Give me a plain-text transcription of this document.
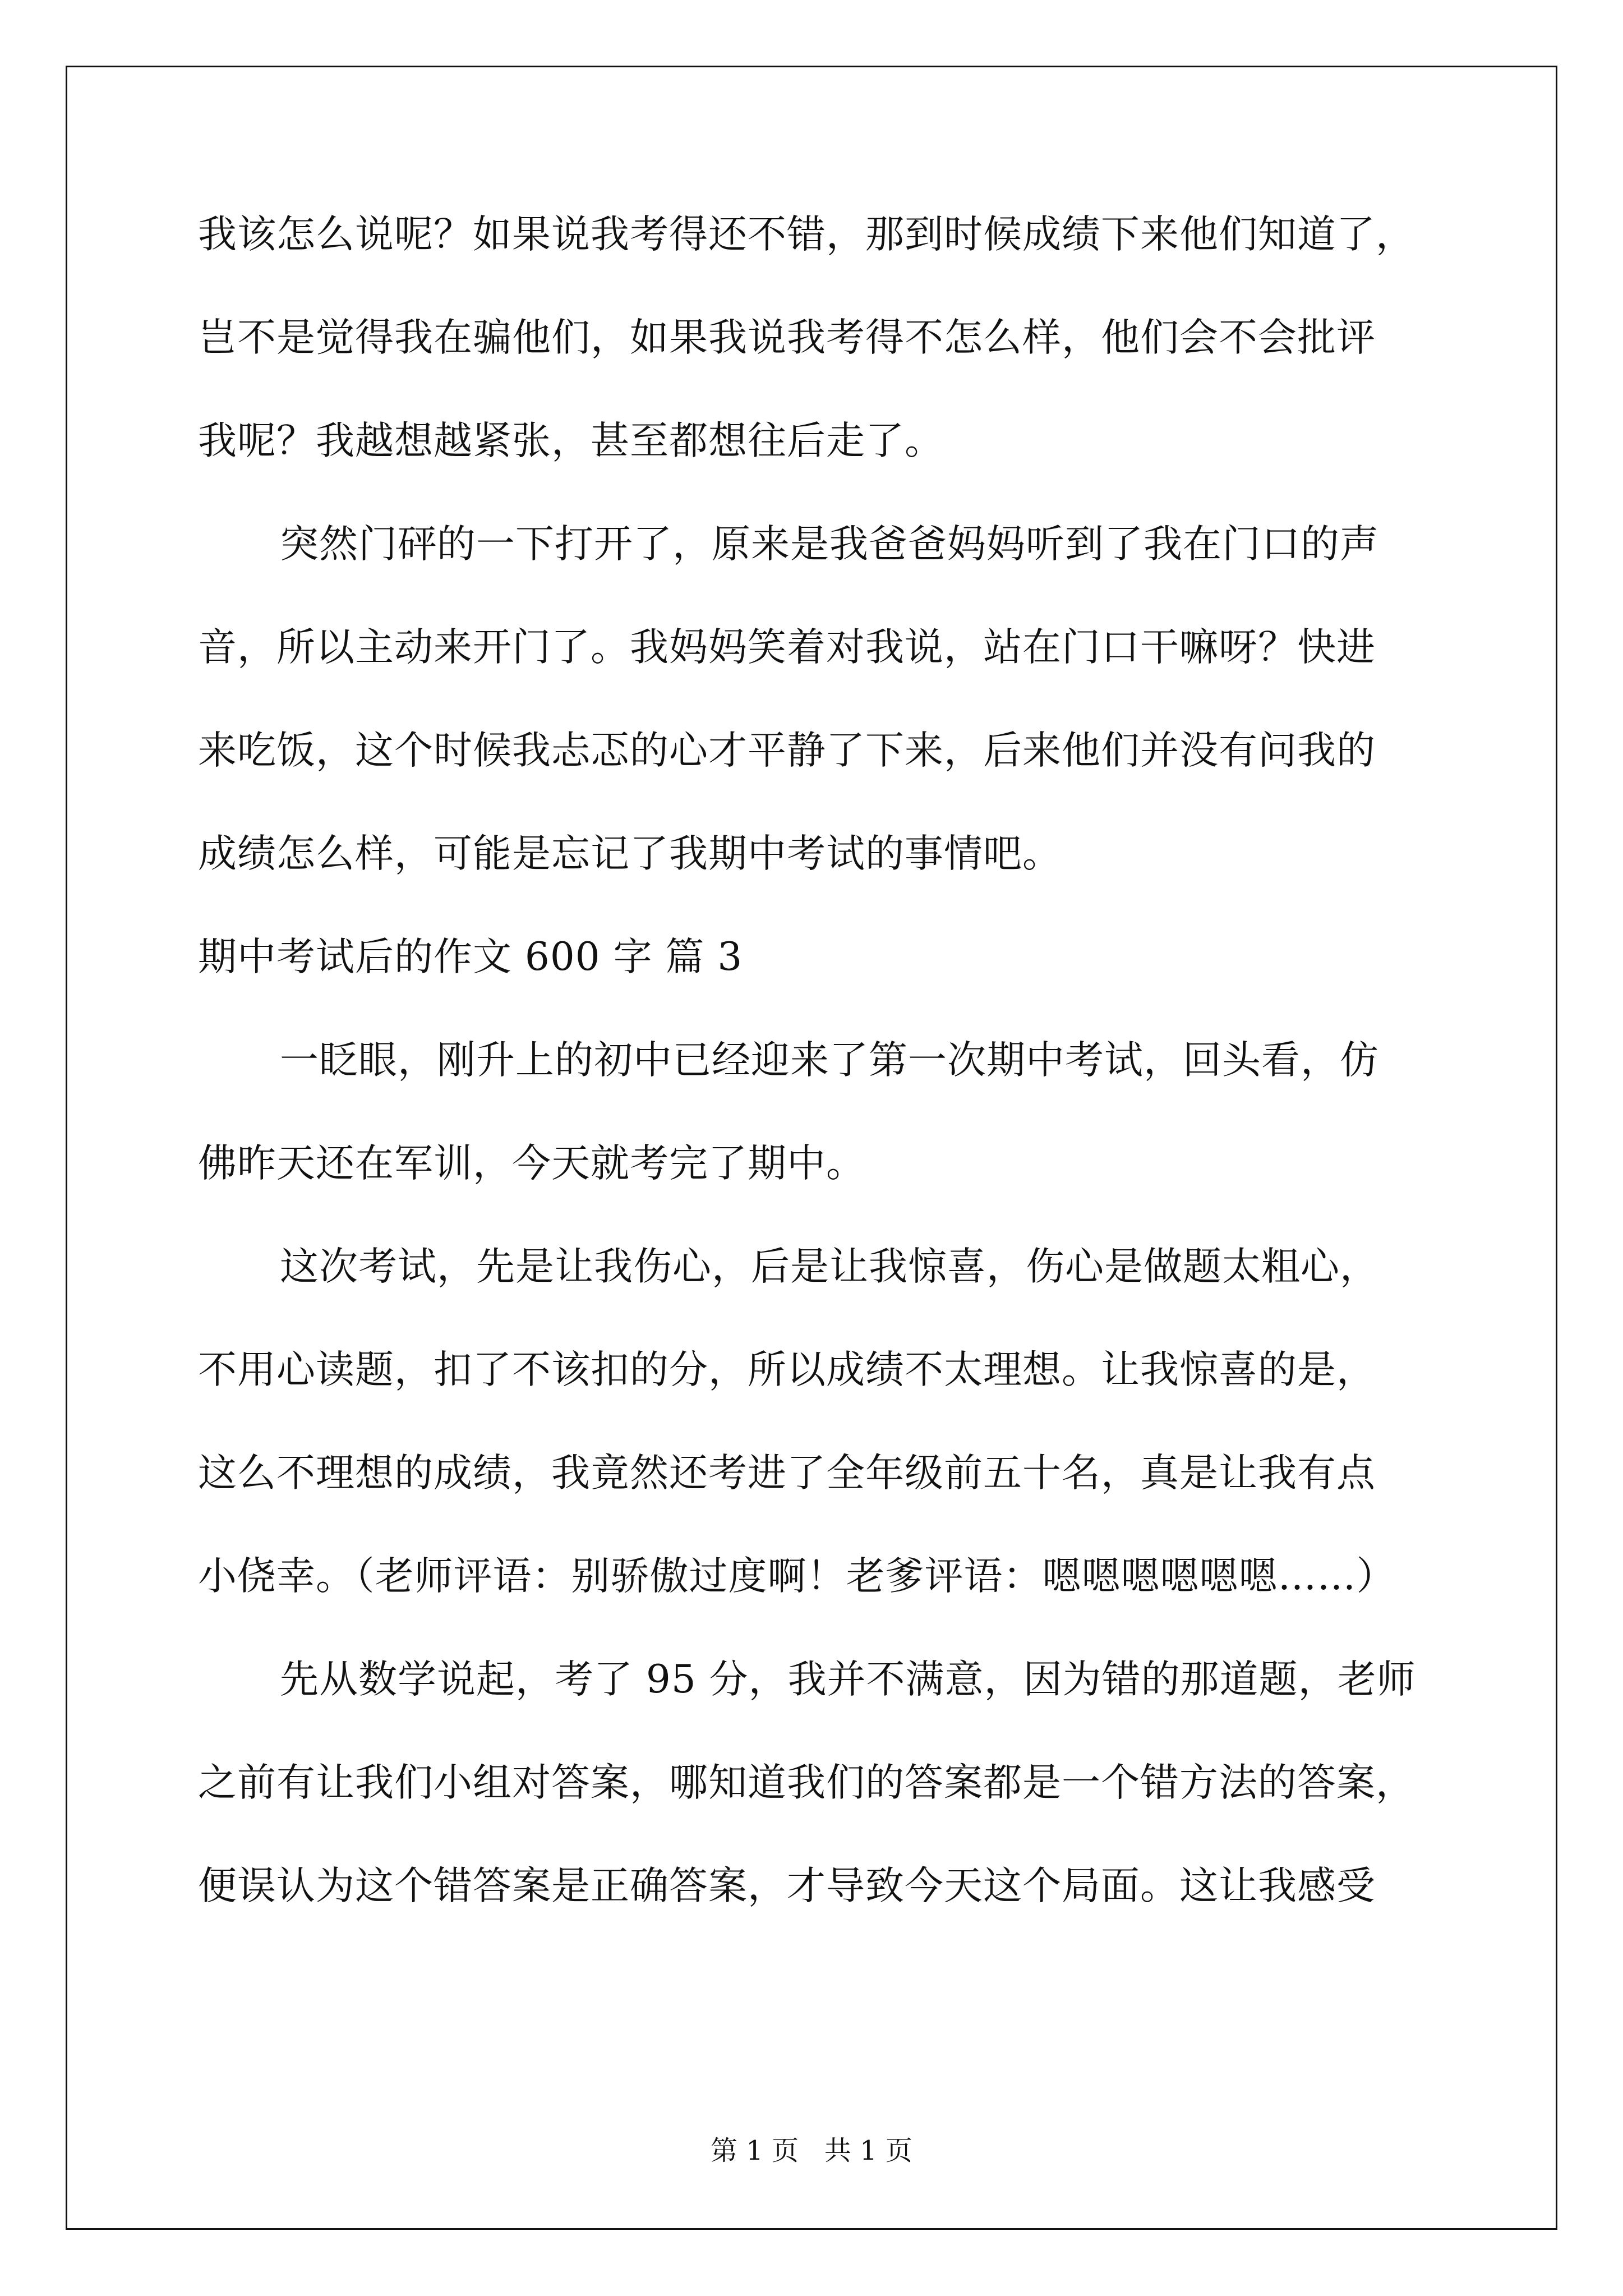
我该怎么说呢？如果说我考得还不错，那到时候成绩下来他们知道了，
岂不是觉得我在骗他们，如果我说我考得不怎么样，他们会不会批评
我呢？我越想越紧张，甚至都想往后走了。
突然门砰的一下打开了，原来是我爸爸妈妈听到了我在门口的声
音，所以主动来开门了。我妈妈笑着对我说，站在门口干嘛呀？快进
来吃饭，这个时候我忐忑的心才平静了下来，后来他们并没有问我的
成绩怎么样，可能是忘记了我期中考试的事情吧。
期中考试后的作文 600 字 篇 3
一眨眼，刚升上的初中已经迎来了第一次期中考试，回头看，仿
佛昨天还在军训，今天就考完了期中。
这次考试，先是让我伤心，后是让我惊喜，伤心是做题太粗心，
不用心读题，扣了不该扣的分，所以成绩不太理想。让我惊喜的是，
这么不理想的成绩，我竟然还考进了全年级前五十名，真是让我有点
小侥幸。（老师评语：别骄傲过度啊！老爹评语：嗯嗯嗯嗯嗯嗯……）
先从数学说起，考了 95 分，我并不满意，因为错的那道题，老师
之前有让我们小组对答案，哪知道我们的答案都是一个错方法的答案，
便误认为这个错答案是正确答案，才导致今天这个局面。这让我感受
第 1 页   共 1 页
